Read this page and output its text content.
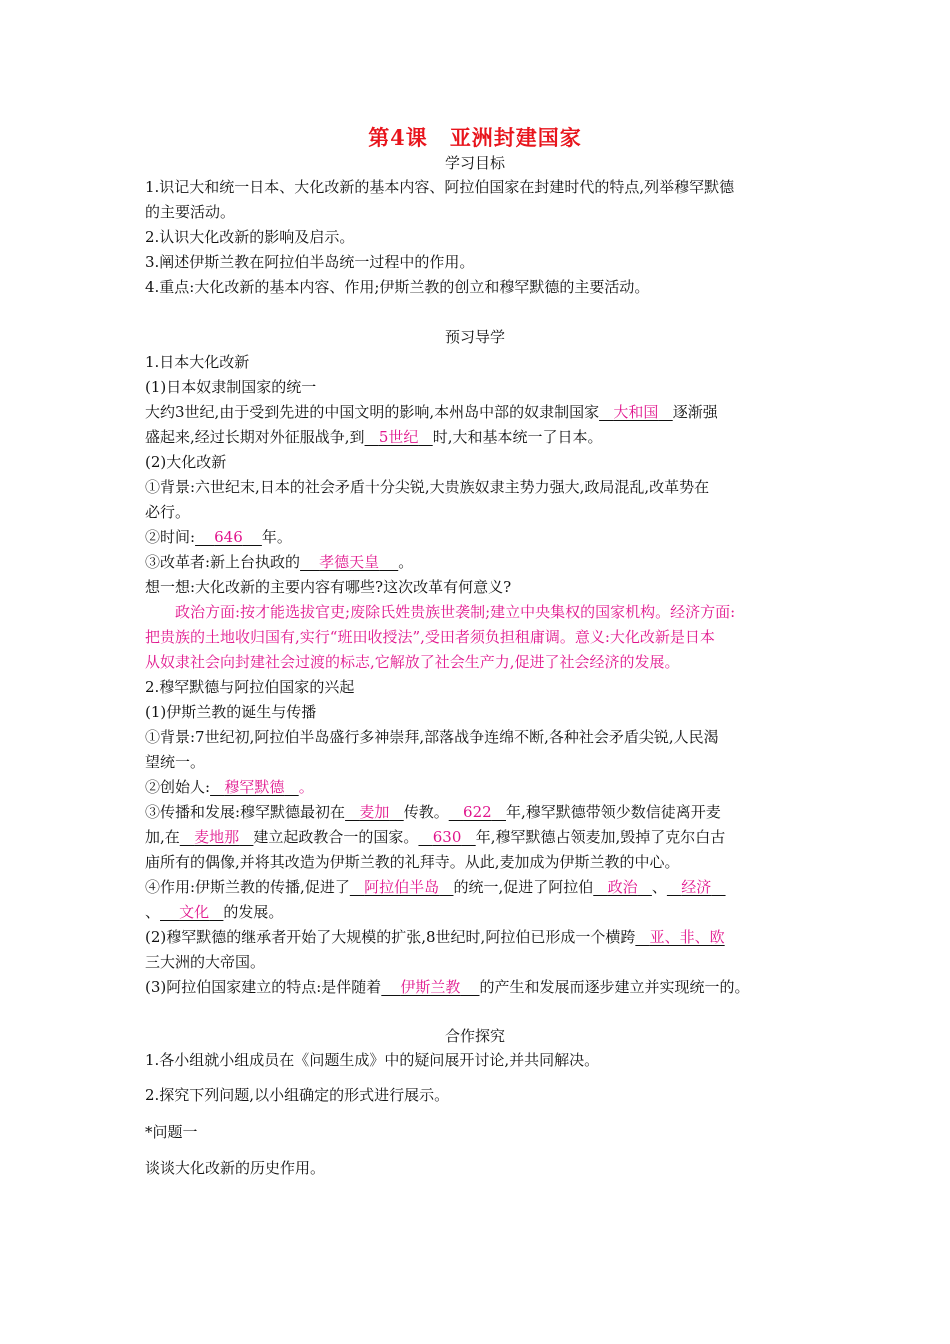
第4课 亚洲封建国家
学习目标
1.识记大和统一日本、大化改新的基本内容、阿拉伯国家在封建时代的特点,列举穆罕默德
的主要活动。
2.认识大化改新的影响及启示。
3.阐述伊斯兰教在阿拉伯半岛统一过程中的作用。
4.重点:大化改新的基本内容、作用;伊斯兰教的创立和穆罕默德的主要活动。
预习导学
1.日本大化改新
(1)日本奴隶制国家的统一
大约3世纪,由于受到先进的中国文明的影响,本州岛中部的奴隶制国家 大和国 逐渐强
盛起来,经过长期对外征服战争,到 5世纪 时,大和基本统一了日本。
(2)大化改新
①背景:六世纪末,日本的社会矛盾十分尖锐,大贵族奴隶主势力强大,政局混乱,改革势在
必行。
②时间: 646 年。
③改革者:新上台执政的 孝德天皇 。
想一想:大化改新的主要内容有哪些?这次改革有何意义?
政治方面:按才能选拔官吏;废除氏姓贵族世袭制;建立中央集权的国家机构。经济方面:
把贵族的土地收归国有,实行“班田收授法”,受田者须负担租庸调。意义:大化改新是日本
从奴隶社会向封建社会过渡的标志,它解放了社会生产力,促进了社会经济的发展。
2.穆罕默德与阿拉伯国家的兴起
(1)伊斯兰教的诞生与传播
①背景:7世纪初,阿拉伯半岛盛行多神崇拜,部落战争连绵不断,各种社会矛盾尖锐,人民渴
望统一。
②创始人: 穆罕默德 。
③传播和发展:穆罕默德最初在 麦加 传教。 622 年,穆罕默德带领少数信徒离开麦
加,在 麦地那 建立起政教合一的国家。 630 年,穆罕默德占领麦加,毁掉了克尔白古
庙所有的偶像,并将其改造为伊斯兰教的礼拜寺。从此,麦加成为伊斯兰教的中心。
④作用:伊斯兰教的传播,促进了 阿拉伯半岛 的统一,促进了阿拉伯 政治 、 经济
、 文化 的发展。
(2)穆罕默德的继承者开始了大规模的扩张,8世纪时,阿拉伯已形成一个横跨 亚、非、欧
三大洲的大帝国。
(3)阿拉伯国家建立的特点:是伴随着 伊斯兰教 的产生和发展而逐步建立并实现统一的。
合作探究
1.各小组就小组成员在《问题生成》中的疑问展开讨论,并共同解决。
2.探究下列问题,以小组确定的形式进行展示。
*问题一
谈谈大化改新的历史作用。
